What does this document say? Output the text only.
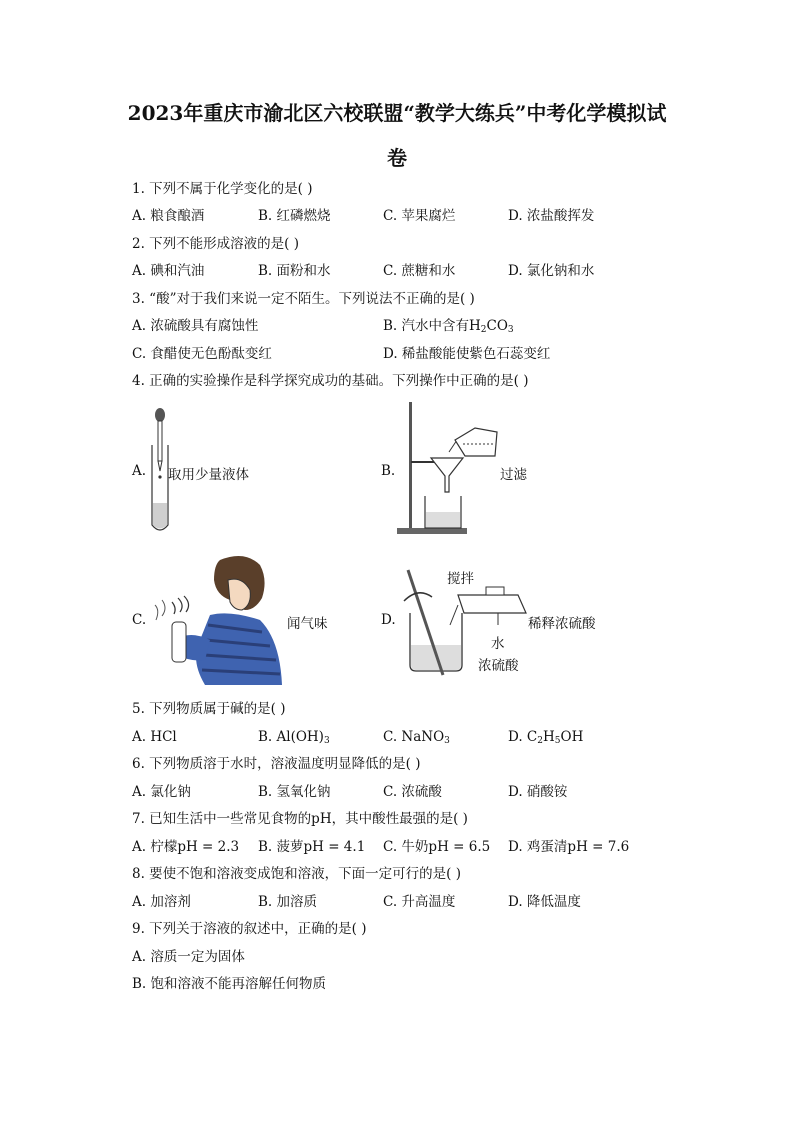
2023年重庆市渝北区六校联盟“教学大练兵”中考化学模拟试
卷
1. 下列不属于化学变化的是( )
A. 粮食酿酒	B. 红磷燃烧	C. 苹果腐烂	D. 浓盐酸挥发
2. 下列不能形成溶液的是( )
A. 碘和汽油	B. 面粉和水	C. 蔗糖和水	D. 氯化钠和水
3. “酸”对于我们来说一定不陌生。下列说法不正确的是( )
A. 浓硫酸具有腐蚀性	B. 汽水中含有$H_2CO_3$
C. 食醋使无色酚酞变红	D. 稀盐酸能使紫色石蕊变红
4. 正确的实验操作是科学探究成功的基础。下列操作中正确的是( )
A. 取用少量液体	B.	过滤
C.	闻气味	D.
搅拌
稀释浓硫酸
水
浓硫酸
5. 下列物质属于碱的是( )
A. HCl	B. $Al(OH)_3$	C. NaNO$_3$	D. $C_2H_5OH$
6. 下列物质溶于水时，溶液温度明显降低的是( )
A. 氯化钠	B. 氢氧化钠	C. 浓硫酸	D. 硝酸铵
7. 已知生活中一些常见食物的pH，其中酸性最强的是( )
A. 柠檬pH = 2.3 B. 菠萝pH = 4.1 C. 牛奶pH = 6.5 D. 鸡蛋清pH = 7.6
8. 要使不饱和溶液变成饱和溶液，下面一定可行的是( )
A. 加溶剂	B. 加溶质	C. 升高温度	D. 降低温度
9. 下列关于溶液的叙述中，正确的是( )
A. 溶质一定为固体
B. 饱和溶液不能再溶解任何物质
